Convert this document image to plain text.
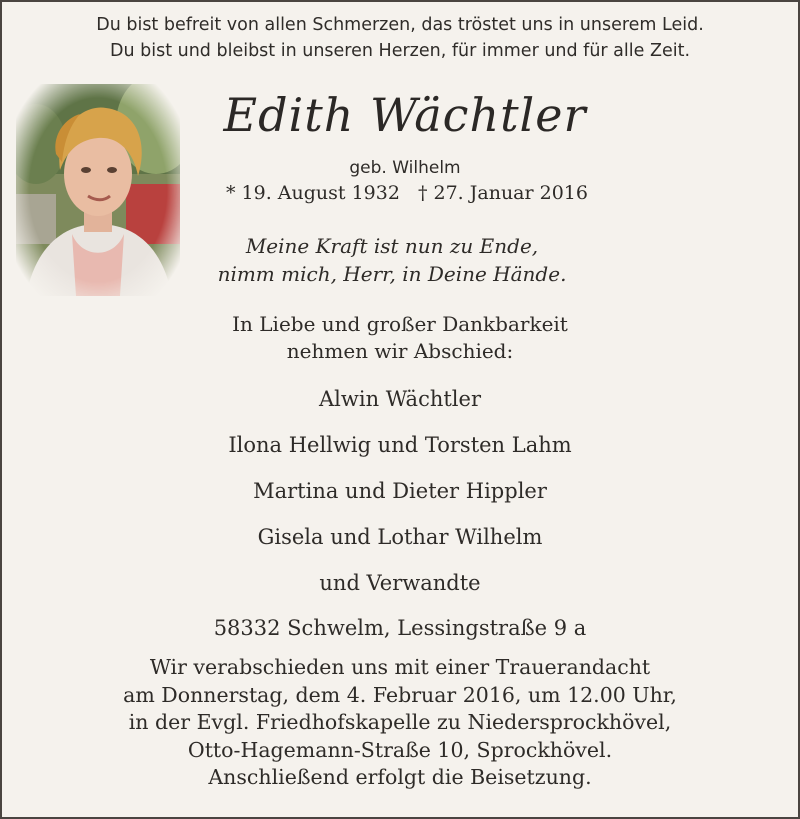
Du bist befreit von allen Schmerzen, das tröstet uns in unserem Leid.
Du bist und bleibst in unseren Herzen, für immer und für alle Zeit.
Edith Wächtler
geb. Wilhelm
* 19. August 1932 † 27. Januar 2016
Meine Kraft ist nun zu Ende,
nimm mich, Herr, in Deine Hände.
In Liebe und großer Dankbarkeit
nehmen wir Abschied:
Alwin Wächtler
Ilona Hellwig und Torsten Lahm
Martina und Dieter Hippler
Gisela und Lothar Wilhelm
und Verwandte
58332 Schwelm, Lessingstraße 9 a
Wir verabschieden uns mit einer Trauerandacht
am Donnerstag, dem 4. Februar 2016, um 12.00 Uhr,
in der Evgl. Friedhofskapelle zu Niedersprockhövel,
Otto-Hagemann-Straße 10, Sprockhövel.
Anschließend erfolgt die Beisetzung.
